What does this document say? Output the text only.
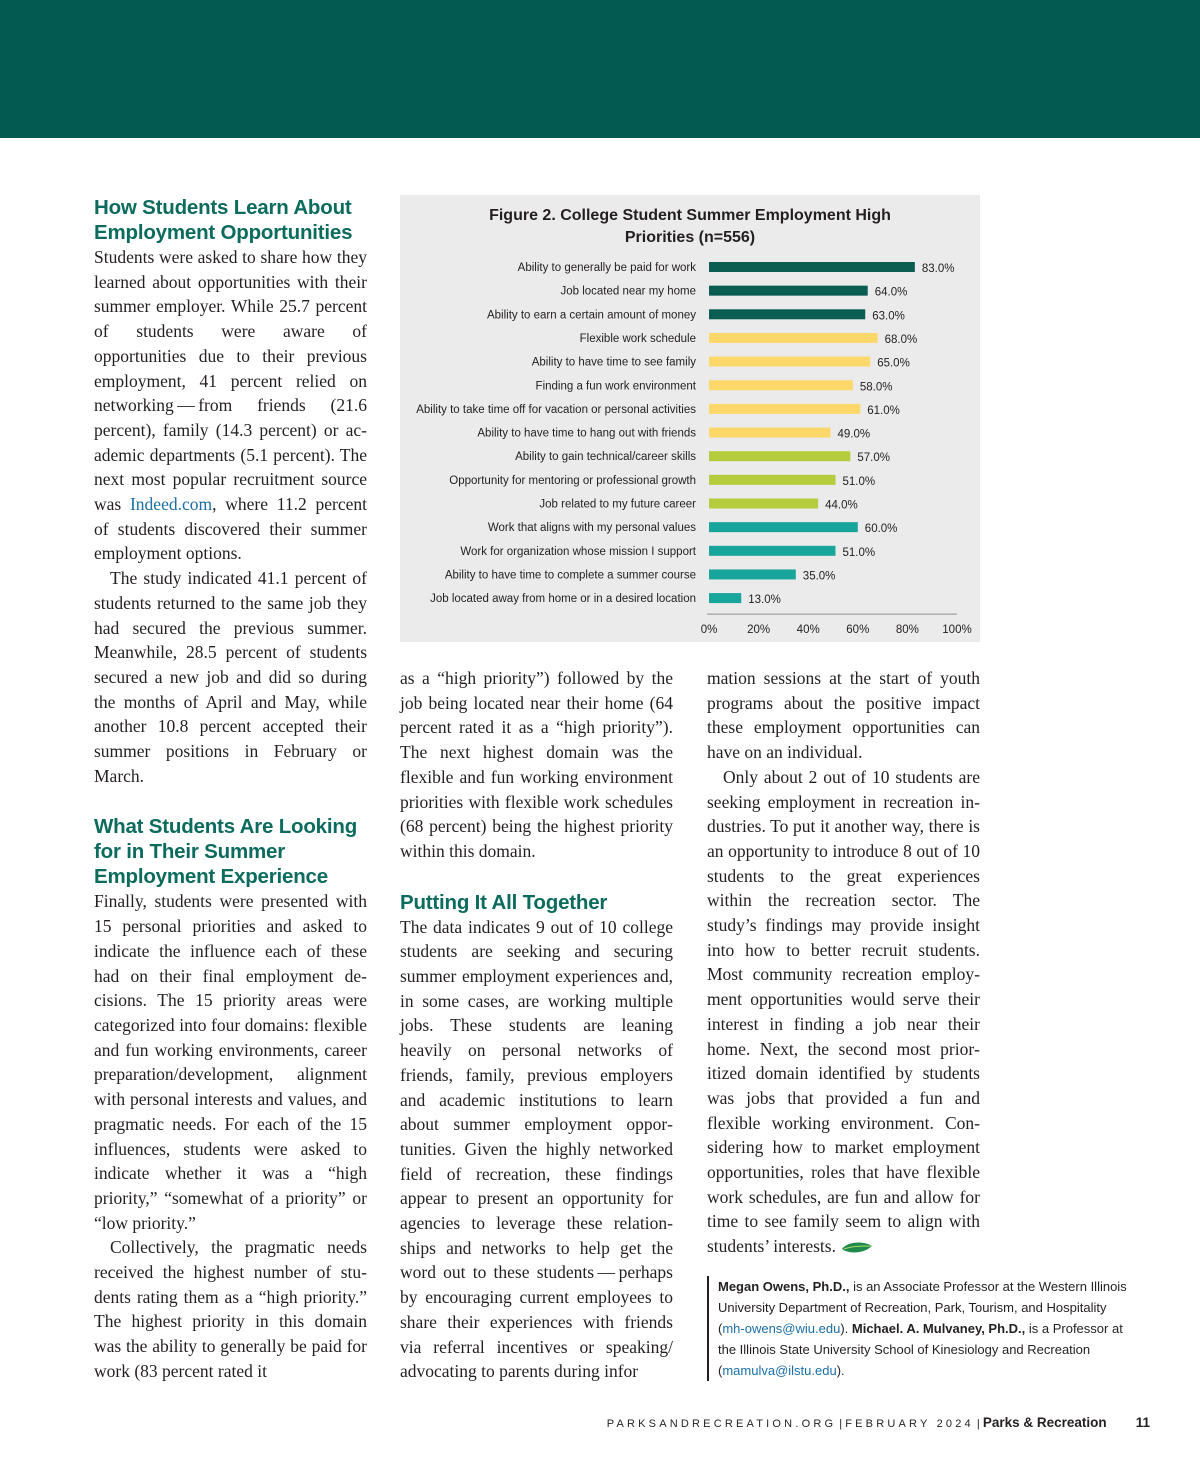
How Students Learn About Employment Opportunities

Students were asked to share how they learned about opportunities with their summer employer. While 25.7 percent of students were aware of opportunities due to their previous employment, 41 percent relied on networking — from friends (21.6 percent), family (14.3 percent) or academic departments (5.1 percent). The next most popular recruitment source was Indeed.com, where 11.2 percent of students discovered their summer employment options.

The study indicated 41.1 percent of students returned to the same job they had secured the previous summer. Meanwhile, 28.5 percent of students secured a new job and did so during the months of April and May, while another 10.8 percent accepted their summer positions in February or March.

What Students Are Looking for in Their Summer Employment Experience

Finally, students were presented with 15 personal priorities and asked to indicate the influence each of these had on their final employment decisions. The 15 priority areas were categorized into four domains: flexible and fun working environments, career preparation/development, alignment with personal interests and values, and pragmatic needs. For each of the 15 influences, students were asked to indicate whether it was a “high priority,” “somewhat of a priority” or “low priority.”

Collectively, the pragmatic needs received the highest number of students rating them as a “high priority.” The highest priority in this domain was the ability to generally be paid for work (83 percent rated it

Figure 2. College Student Summer Employment High
Priorities (n=556)
Ability to generally be paid for work	83.0%
Job located near my home	64.0%
Ability to earn a certain amount of money	63.0%
Flexible work schedule	68.0%
Ability to have time to see family	65.0%
Finding a fun work environment	58.0%
Ability to take time off for vacation or personal activities	61.0%
Ability to have time to hang out with friends	49.0%
Ability to gain technical/career skills	57.0%
Opportunity for mentoring or professional growth	51.0%
Job related to my future career	44.0%
Work that aligns with my personal values	60.0%
Work for organization whose mission I support	51.0%
Ability to have time to complete a summer course	35.0%
Job located away from home or in a desired location	13.0%
0%	20% 40% 60% 80% 100%

as a “high priority”) followed by the job being located near their home (64 percent rated it as a “high priority”). The next highest domain was the flexible and fun working environment priorities with flexible work schedules (68 percent) being the highest priority within this domain.

Putting It All Together

The data indicates 9 out of 10 college students are seeking and securing summer employment experiences and, in some cases, are working multiple jobs. These students are leaning heavily on personal networks of friends, family, previous employers and academic institutions to learn about summer employment opportunities. Given the highly networked field of recreation, these findings appear to present an opportunity for agencies to leverage these relationships and networks to help get the word out to these students — perhaps by encouraging current employees to share their experiences with friends via referral incentives or speaking/ advocating to parents during infor

mation sessions at the start of youth programs about the positive impact these employment opportunities can have on an individual.

Only about 2 out of 10 students are seeking employment in recreation industries. To put it another way, there is an opportunity to introduce 8 out of 10 students to the great experiences within the recreation sector. The study’s findings may provide insight into how to better recruit students. Most community recreation employment opportunities would serve their interest in finding a job near their home. Next, the second most prioritized domain identified by students was jobs that provided a fun and flexible working environment. Considering how to market employment opportunities, roles that have flexible work schedules, are fun and allow for time to see family seem to align with students’ interests.

Megan Owens, Ph.D., is an Associate Professor at the Western Illinois University Department of Recreation, Park, Tourism, and Hospitality (mh-owens@wiu.edu). Michael. A. Mulvaney, Ph.D., is a Professor at the Illinois State University School of Kinesiology and Recreation (mamulva@ilstu.edu).
PARKSANDRECREATION.ORG | FEBRUARY 2024 | Parks & Recreation 11
